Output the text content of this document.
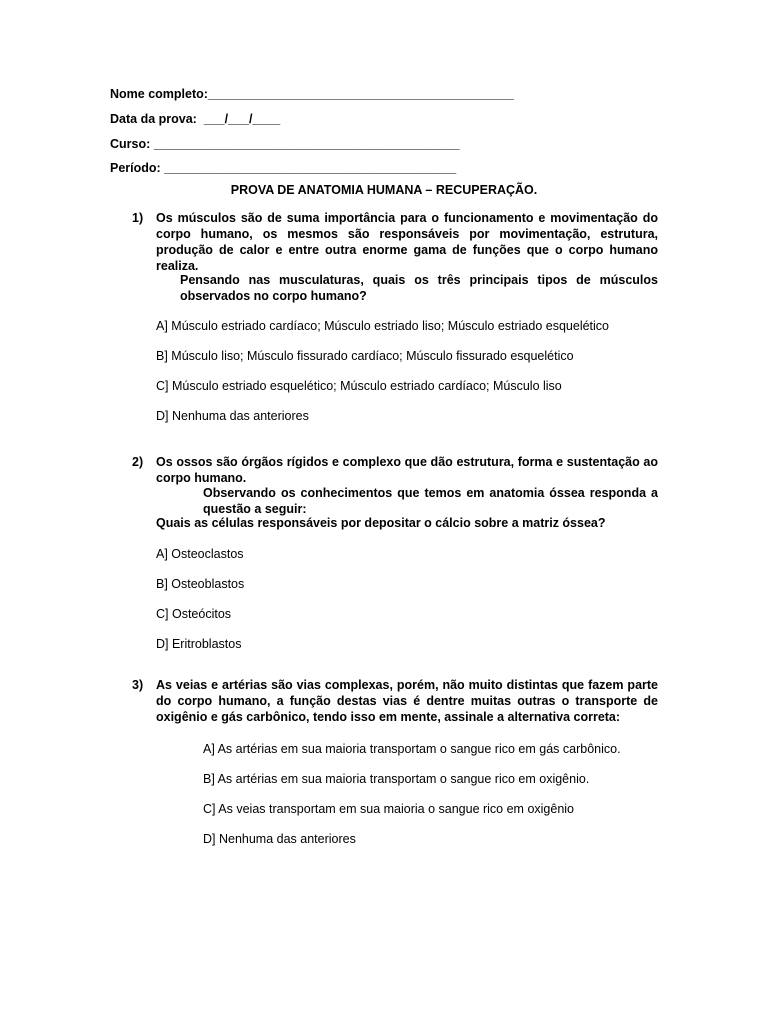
Nome completo:____________________________________________
Data da prova:  ___/___/____
Curso: ____________________________________________
Período: __________________________________________
PROVA DE ANATOMIA HUMANA – RECUPERAÇÃO.
1) Os músculos são de suma importância para o funcionamento e movimentação do corpo humano, os mesmos são responsáveis por movimentação, estrutura, produção de calor e entre outra enorme gama de funções que o corpo humano realiza.
Pensando nas musculaturas, quais os três principais tipos de músculos observados no corpo humano?
A] Músculo estriado cardíaco; Músculo estriado liso; Músculo estriado esquelético
B] Músculo liso; Músculo fissurado cardíaco; Músculo fissurado esquelético
C] Músculo estriado esquelético; Músculo estriado cardíaco; Músculo liso
D] Nenhuma das anteriores
2) Os ossos são órgãos rígidos e complexo que dão estrutura, forma e sustentação ao corpo humano.
Observando os conhecimentos que temos em anatomia óssea responda a questão a seguir:
Quais as células responsáveis por depositar o cálcio sobre a matriz óssea?
A] Osteoclastos
B] Osteoblastos
C] Osteócitos
D] Eritroblastos
3) As veias e artérias são vias complexas, porém, não muito distintas que fazem parte do corpo humano, a função destas vias é dentre muitas outras o transporte de oxigênio e gás carbônico, tendo isso em mente, assinale a alternativa correta:
A] As artérias em sua maioria transportam o sangue rico em gás carbônico.
B] As artérias em sua maioria transportam o sangue rico em oxigênio.
C] As veias transportam em sua maioria o sangue rico em oxigênio
D] Nenhuma das anteriores
